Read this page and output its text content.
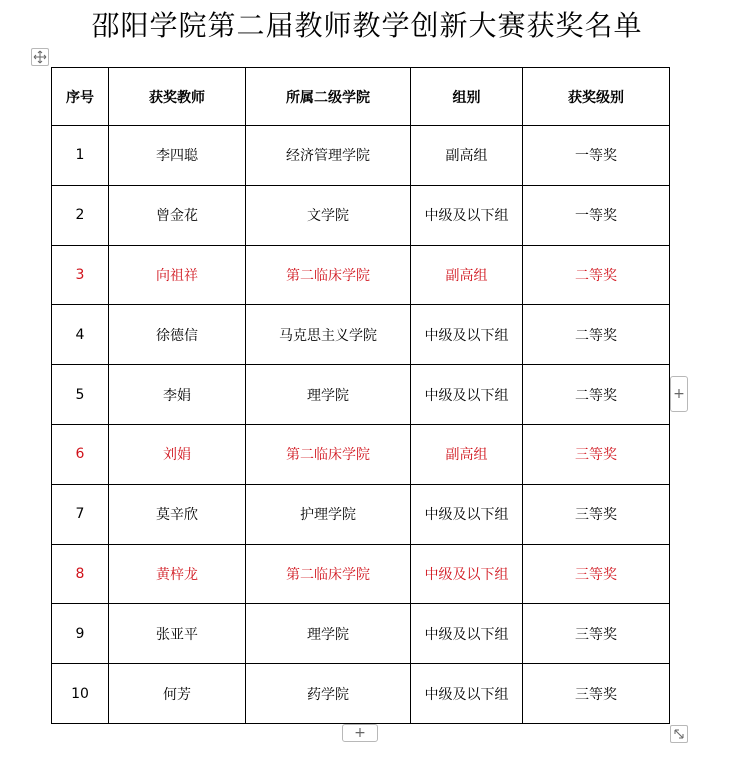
邵阳学院第二届教师教学创新大赛获奖名单
序号	获奖教师	所属二级学院	组别	获奖级别
1	李四聪	经济管理学院	副高组	一等奖
2	曾金花	文学院	中级及以下组	一等奖
3	向祖祥	第二临床学院	副高组	二等奖
4	徐德信	马克思主义学院	中级及以下组	二等奖
5	李娟	理学院	中级及以下组	二等奖
6	刘娟	第二临床学院	副高组	三等奖
7	莫辛欣	护理学院	中级及以下组	三等奖
8	黄梓龙	第二临床学院	中级及以下组	三等奖
9	张亚平	理学院	中级及以下组	三等奖
10	何芳	药学院	中级及以下组	三等奖
+
+
